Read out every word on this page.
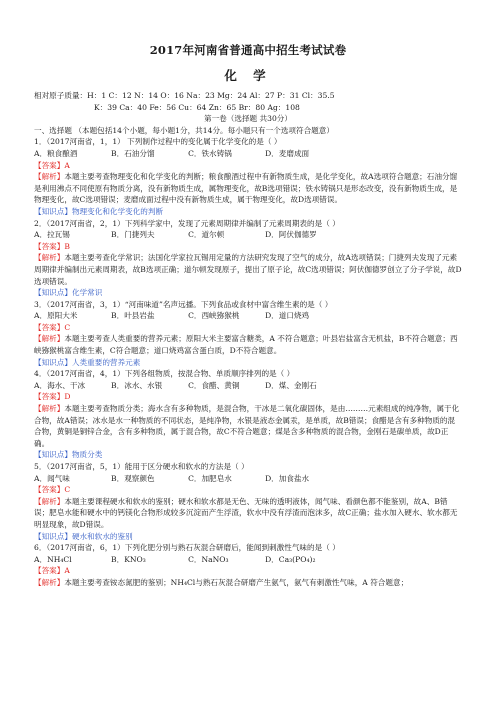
2017年河南省普通高中招生考试试卷
化 学
相对原子质量：H：1 C：12 N：14 O：16 Na：23 Mg：24 Al：27 P：31 Cl：35.5
K：39 Ca：40 Fe：56 Cu：64 Zn：65 Br：80 Ag：108
第一卷（选择题 共30分）
一、选择题 （本题包括14个小题，每小题1分，共14分。每小题只有一个选项符合题意）
1．（2017河南省，1，1） 下列制作过程中的变化属于化学变化的是（ ）
A．粮食酿酒	B．石油分馏	C．铁水铸锅	D．麦磨成面
【答案】A
【解析】本题主要考查物理变化和化学变化的判断；粮食酿酒过程中有新物质生成，是化学变化，故A选项符合题意；石油分馏是利用沸点不同使原有物质分离，没有新物质生成，属物理变化，故B选项错误；铁水铸锅只是形态改变，没有新物质生成，是物理变化，故C选项错误；麦磨成面过程中没有新物质生成，属于物理变化，故D选项错误。
【知识点】物理变化和化学变化的判断
2．（2017河南省，2，1）下列科学家中，发现了元素周期律并编制了元素周期表的是（ ）
A．拉瓦锡	B．门捷列夫	C．道尔顿	D．阿伏伽德罗
【答案】B
【解析】本题主要考查化学常识；法国化学家拉瓦锡用定量的方法研究发现了空气的成分，故A选项错误；门捷列夫发现了元素周期律并编制出元素周期表，故B选项正确；道尔顿发现原子，提出了原子论，故C选项错误；阿伏伽德罗创立了分子学说，故D选项错误。
【知识点】化学常识
3．（2017河南省，3，1）“河南味道”名声远播。下列食品或食材中富含维生素的是（ ）
A．原阳大米	B．叶县岩盐	C．西峡猕猴桃	D．道口烧鸡
【答案】C
【解析】本题主要考查人类重要的营养元素；原阳大米主要富含糖类，A 不符合题意；叶县岩盐富含无机盐，B不符合题意；西峡猕猴桃富含维生素，C符合题意；道口烧鸡富含蛋白质，D不符合题意。
【知识点】人类重要的营养元素
4．（2017河南省，4，1）下列各组物质，按混合物、单质顺序排列的是（ ）
A．海水、干冰	B．冰水、水银	C．食醋、黄铜	D．煤、金刚石
【答案】D
【解析】本题主要考查物质分类；海水含有多种物质，是混合物，干冰是二氧化碳固体，是由………元素组成的纯净物，属于化合物，故A错误；冰水是水一种物质的不同状态，是纯净物，水银是液态金属汞，是单质，故B错误；食醋是含有多种物质的混合物，黄铜是铜锌合金，含有多种物质，属于混合物，故C不符合题意；煤是含多种物质的混合物，金刚石是碳单质，故D正确。
【知识点】物质分类
5．（2017河南省，5，1）能用于区分硬水和软水的方法是（ ）
A．闻气味	B．观察颜色	C．加肥皂水	D．加食盐水
【答案】C
【解析】本题主要课程硬水和软水的鉴别；硬水和软水都是无色、无味的透明液体，闻气味、看颜色都不能鉴别，故A、B错误；肥皂水能和硬水中的钙镁化合物形成较多沉淀而产生浮渣，软水中没有浮渣而泡沫多，故C正确；盐水加入硬水、软水都无明显现象，故D错误。
【知识点】硬水和软水的鉴别
6．（2017河南省，6，1）下列化肥分别与熟石灰混合研磨后，能闻到刺激性气味的是（ ）
A．NH₄Cl	B．KNO₃	C．NaNO₃	D．Ca₃(PO₄)₂
【答案】A
【解析】本题主要考查铵态氮肥的鉴别；NH₄Cl与熟石灰混合研磨产生氨气，氨气有刺激性气味，A 符合题意；
